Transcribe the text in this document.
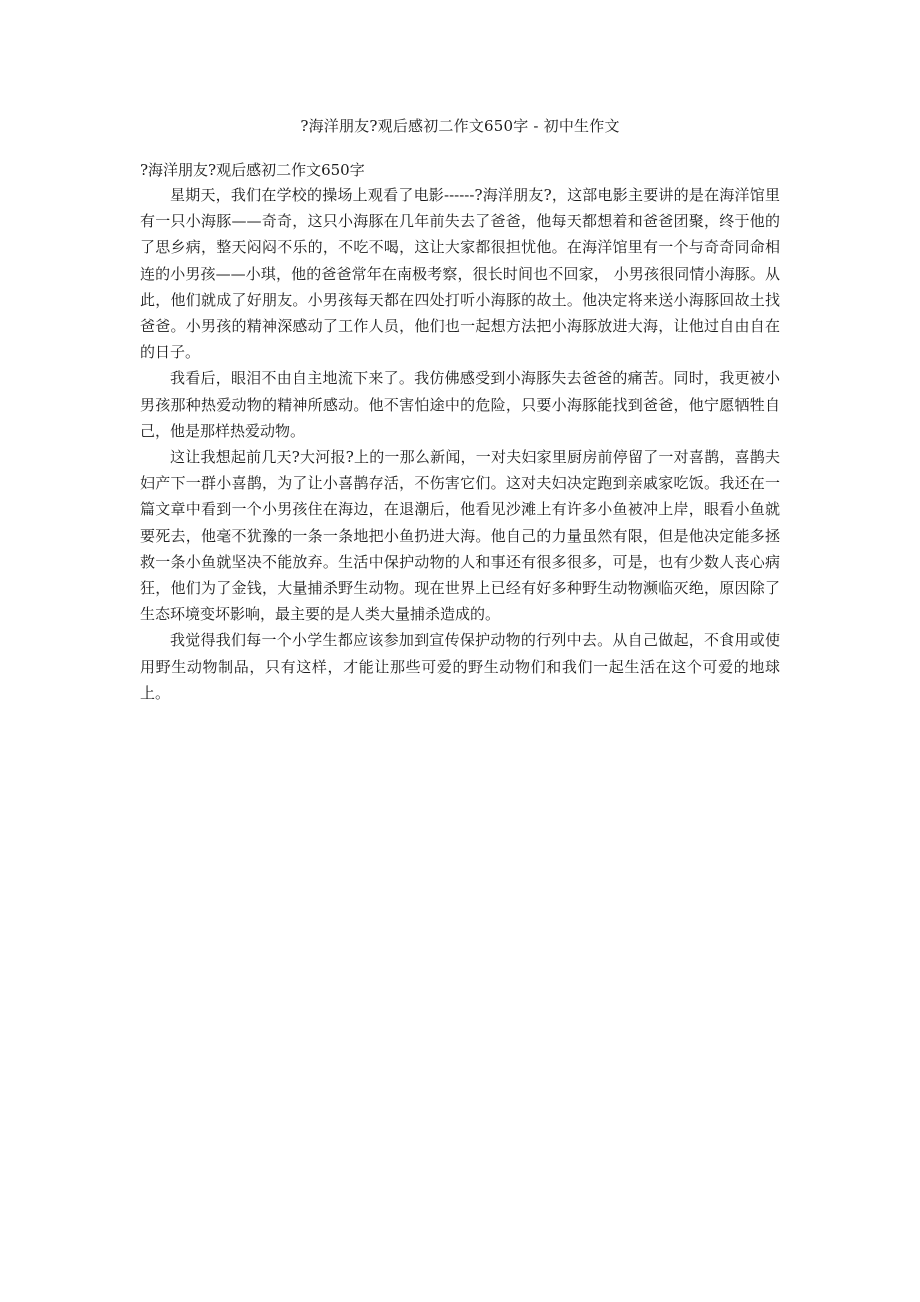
?海洋朋友?观后感初二作文650字 - 初中生作文
?海洋朋友?观后感初二作文650字

星期天，我们在学校的操场上观看了电影------?海洋朋友?，这部电影主要讲的是在海洋馆里有一只小海豚——奇奇，这只小海豚在几年前失去了爸爸，他每天都想着和爸爸团聚，终于他的了思乡病，整天闷闷不乐的，不吃不喝，这让大家都很担忧他。在海洋馆里有一个与奇奇同命相连的小男孩——小琪，他的爸爸常年在南极考察，很长时间也不回家， 小男孩很同情小海豚。从此，他们就成了好朋友。小男孩每天都在四处打听小海豚的故土。他决定将来送小海豚回故土找爸爸。小男孩的精神深感动了工作人员，他们也一起想方法把小海豚放进大海，让他过自由自在的日子。

我看后，眼泪不由自主地流下来了。我仿佛感受到小海豚失去爸爸的痛苦。同时，我更被小男孩那种热爱动物的精神所感动。他不害怕途中的危险，只要小海豚能找到爸爸，他宁愿牺牲自己，他是那样热爱动物。

这让我想起前几天?大河报?上的一那么新闻，一对夫妇家里厨房前停留了一对喜鹊，喜鹊夫妇产下一群小喜鹊，为了让小喜鹊存活，不伤害它们。这对夫妇决定跑到亲戚家吃饭。我还在一篇文章中看到一个小男孩住在海边，在退潮后，他看见沙滩上有许多小鱼被冲上岸，眼看小鱼就要死去，他毫不犹豫的一条一条地把小鱼扔进大海。他自己的力量虽然有限，但是他决定能多拯救一条小鱼就坚决不能放弃。生活中保护动物的人和事还有很多很多，可是，也有少数人丧心病狂，他们为了金钱，大量捕杀野生动物。现在世界上已经有好多种野生动物濒临灭绝，原因除了生态环境变坏影响，最主要的是人类大量捕杀造成的。

我觉得我们每一个小学生都应该参加到宣传保护动物的行列中去。从自己做起，不食用或使用野生动物制品，只有这样，才能让那些可爱的野生动物们和我们一起生活在这个可爱的地球上。
